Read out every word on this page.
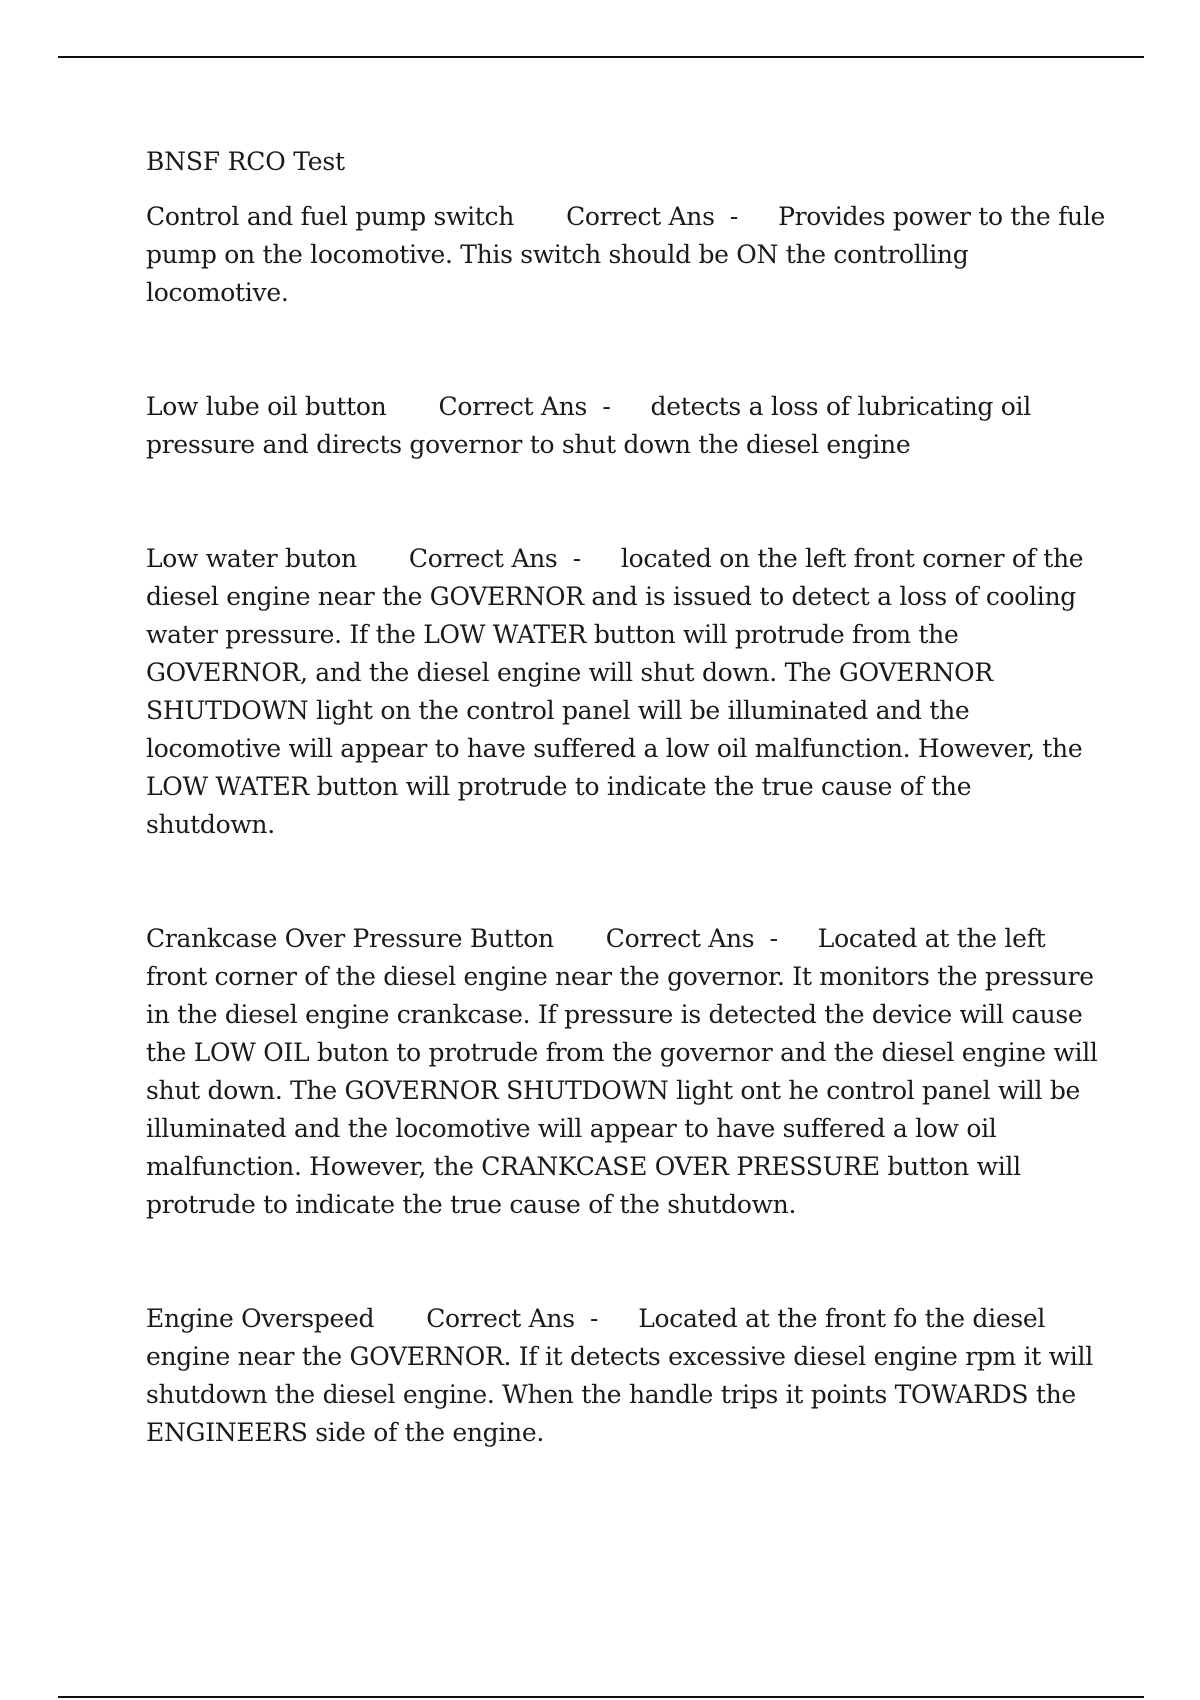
BNSF RCO Test

Control and fuel pump switch Correct Ans - Provides power to the fule pump on the locomotive. This switch should be ON the controlling locomotive.

Low lube oil button Correct Ans - detects a loss of lubricating oil pressure and directs governor to shut down the diesel engine

Low water buton Correct Ans - located on the left front corner of the diesel engine near the GOVERNOR and is issued to detect a loss of cooling water pressure. If the LOW WATER button will protrude from the GOVERNOR, and the diesel engine will shut down. The GOVERNOR SHUTDOWN light on the control panel will be illuminated and the locomotive will appear to have suffered a low oil malfunction. However, the LOW WATER button will protrude to indicate the true cause of the shutdown.

Crankcase Over Pressure Button Correct Ans - Located at the left front corner of the diesel engine near the governor. It monitors the pressure in the diesel engine crankcase. If pressure is detected the device will cause the LOW OIL buton to protrude from the governor and the diesel engine will shut down. The GOVERNOR SHUTDOWN light ont he control panel will be illuminated and the locomotive will appear to have suffered a low oil malfunction. However, the CRANKCASE OVER PRESSURE button will protrude to indicate the true cause of the shutdown.

Engine Overspeed Correct Ans - Located at the front fo the diesel engine near the GOVERNOR. If it detects excessive diesel engine rpm it will shutdown the diesel engine. When the handle trips it points TOWARDS the ENGINEERS side of the engine.
